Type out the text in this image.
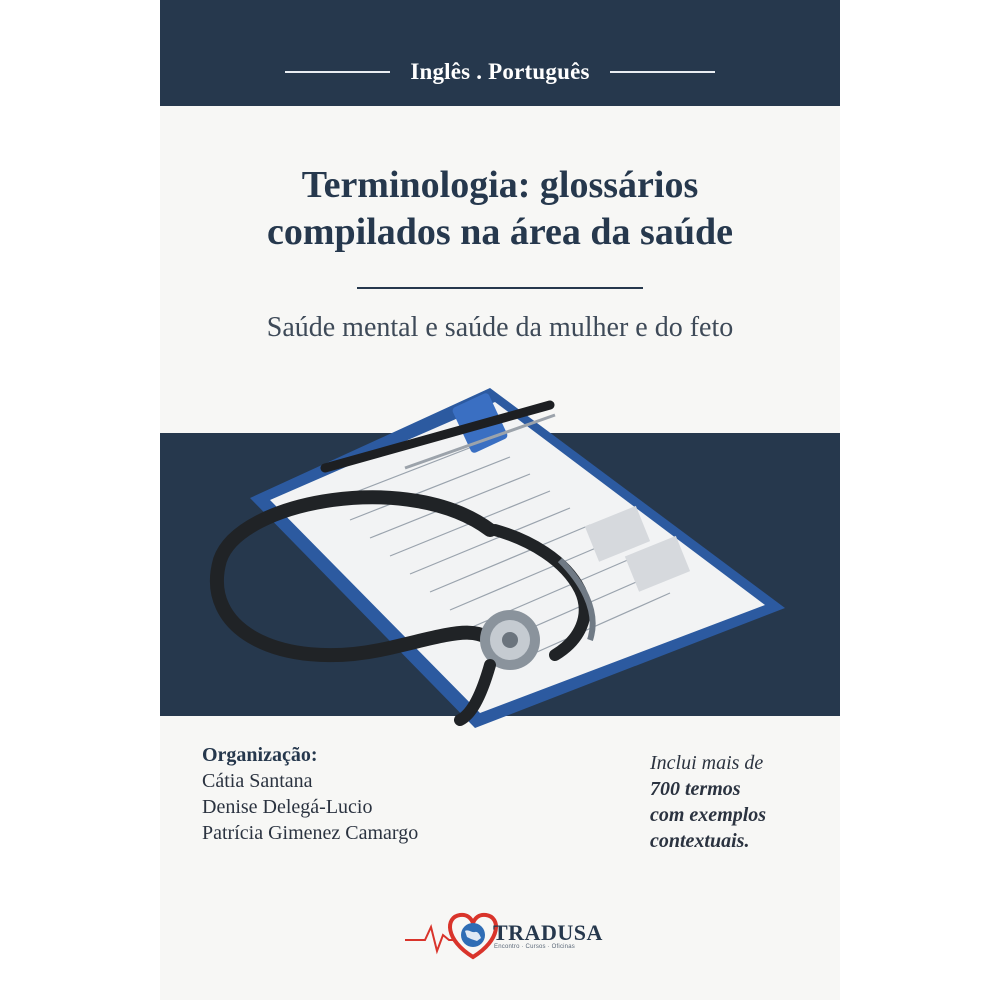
Inglês . Português
Terminologia: glossários
compilados na área da saúde
Saúde mental e saúde da mulher e do feto
Organização:
Cátia Santana
Denise Delegá-Lucio
Patrícia Gimenez Camargo
Inclui mais de
700 termos
com exemplos
contextuais.
TRADUSA
Encontro · Cursos · Oficinas
